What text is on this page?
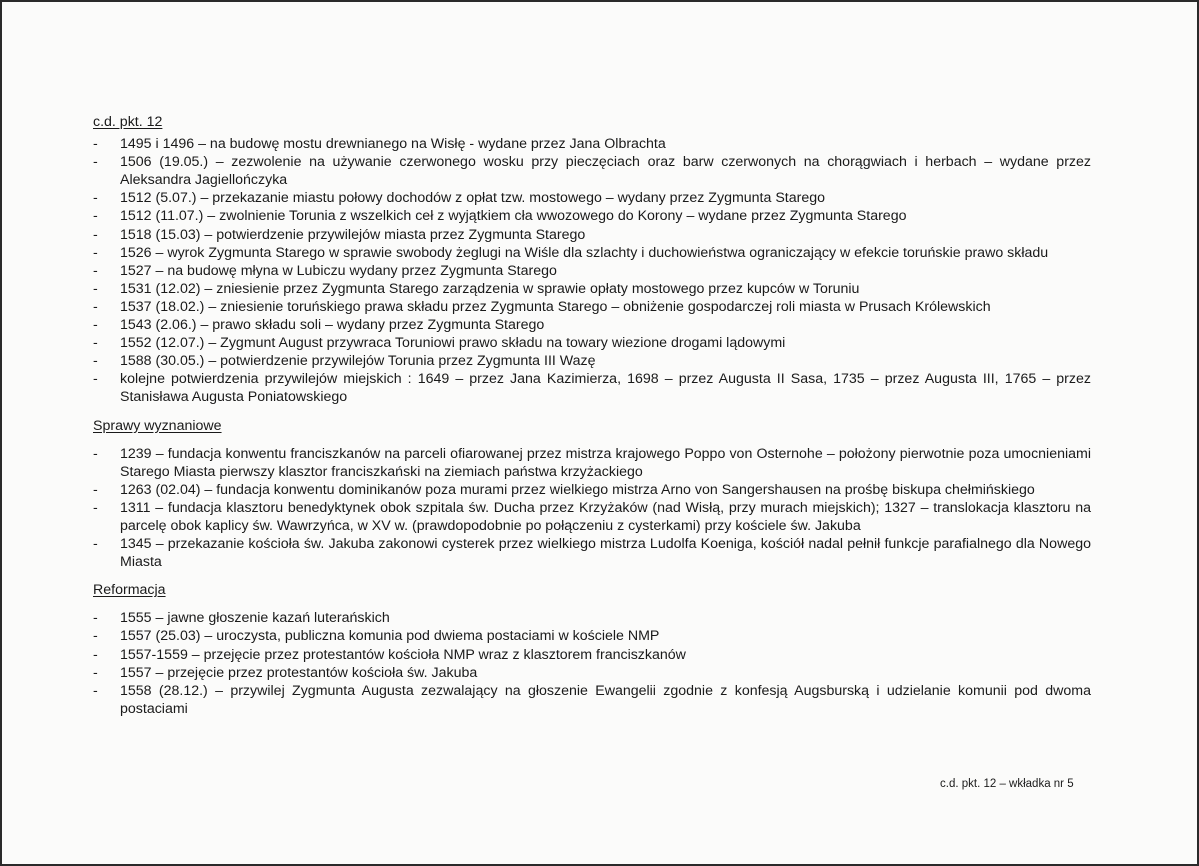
c.d. pkt. 12

- 1495 i 1496 – na budowę mostu drewnianego na Wisłę - wydane przez Jana Olbrachta
- 1506 (19.05.) – zezwolenie na używanie czerwonego wosku przy pieczęciach oraz barw czerwonych na chorągwiach i herbach – wydane przez Aleksandra Jagiellończyka
- 1512 (5.07.) – przekazanie miastu połowy dochodów z opłat tzw. mostowego – wydany przez Zygmunta Starego
- 1512 (11.07.) – zwolnienie Torunia z wszelkich ceł z wyjątkiem cła wwozowego do Korony – wydane przez Zygmunta Starego
- 1518 (15.03) – potwierdzenie przywilejów miasta przez Zygmunta Starego
- 1526 – wyrok Zygmunta Starego w sprawie swobody żeglugi na Wiśle dla szlachty i duchowieństwa ograniczający w efekcie toruńskie prawo składu
- 1527 – na budowę młyna w Lubiczu wydany przez Zygmunta Starego
- 1531 (12.02) – zniesienie przez Zygmunta Starego zarządzenia w sprawie opłaty mostowego przez kupców w Toruniu
- 1537 (18.02.) – zniesienie toruńskiego prawa składu przez Zygmunta Starego – obniżenie gospodarczej roli miasta w Prusach Królewskich
- 1543 (2.06.) – prawo składu soli – wydany przez Zygmunta Starego
- 1552 (12.07.) – Zygmunt August przywraca Toruniowi prawo składu na towary wiezione drogami lądowymi
- 1588 (30.05.) – potwierdzenie przywilejów Torunia przez Zygmunta III Wazę
- kolejne potwierdzenia przywilejów miejskich : 1649 – przez Jana Kazimierza, 1698 – przez Augusta II Sasa, 1735 – przez Augusta III, 1765 – przez Stanisława Augusta Poniatowskiego

Sprawy wyznaniowe

- 1239 – fundacja konwentu franciszkanów na parceli ofiarowanej przez mistrza krajowego Poppo von Osternohe – położony pierwotnie poza umocnieniami Starego Miasta pierwszy klasztor franciszkański na ziemiach państwa krzyżackiego
- 1263 (02.04) – fundacja konwentu dominikanów poza murami przez wielkiego mistrza Arno von Sangershausen na prośbę biskupa chełmińskiego
- 1311 – fundacja klasztoru benedyktynek obok szpitala św. Ducha przez Krzyżaków (nad Wisłą, przy murach miejskich); 1327 – translokacja klasztoru na parcelę obok kaplicy św. Wawrzyńca, w XV w. (prawdopodobnie po połączeniu z cysterkami) przy kościele św. Jakuba
- 1345 – przekazanie kościoła św. Jakuba zakonowi cysterek przez wielkiego mistrza Ludolfa Koeniga, kościół nadal pełnił funkcje parafialnego dla Nowego Miasta

Reformacja

- 1555 – jawne głoszenie kazań luterańskich
- 1557 (25.03) – uroczysta, publiczna komunia pod dwiema postaciami w kościele NMP
- 1557-1559 – przejęcie przez protestantów kościoła NMP wraz z klasztorem franciszkanów
- 1557 – przejęcie przez protestantów kościoła św. Jakuba
- 1558 (28.12.) – przywilej Zygmunta Augusta zezwalający na głoszenie Ewangelii zgodnie z konfesją Augsburską i udzielanie komunii pod dwoma postaciami
c.d. pkt. 12 – wkładka nr 5
